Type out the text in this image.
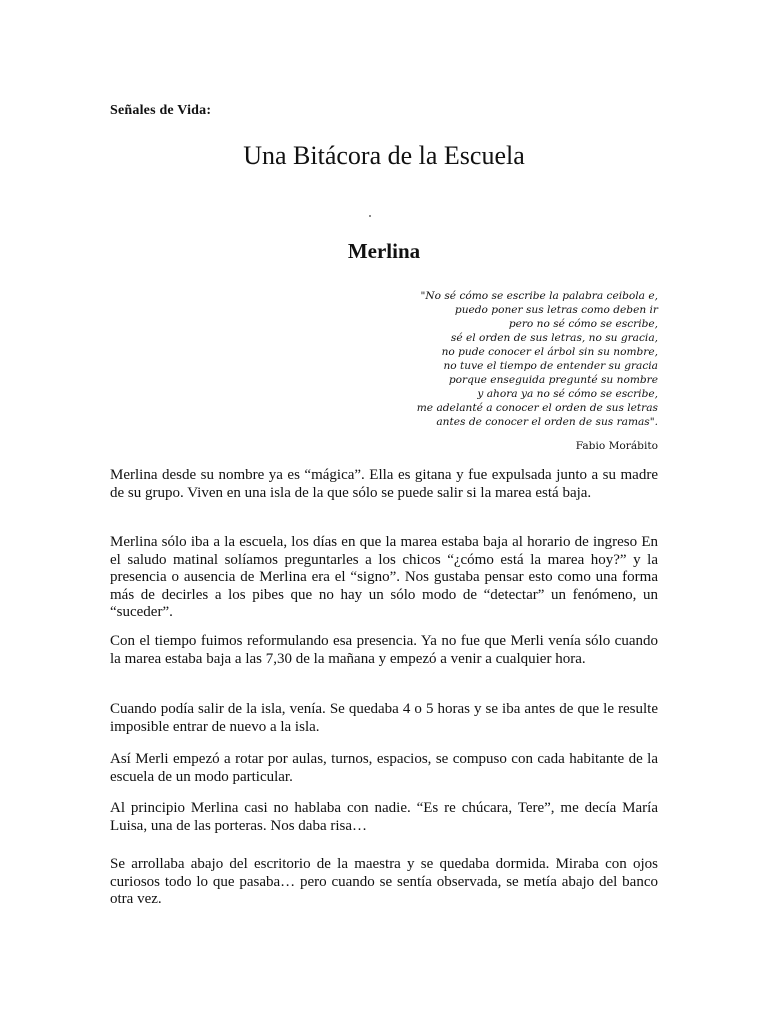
Señales de Vida:
Una Bitácora de la Escuela
Merlina
"No sé cómo se escribe la palabra ceibola e,
puedo poner sus letras como deben ir
pero no sé cómo se escribe,
sé el orden de sus letras, no su gracia,
no pude conocer el árbol sin su nombre,
no tuve el tiempo de entender su gracia
porque enseguida pregunté su nombre
y ahora ya no sé cómo se escribe,
me adelanté a conocer el orden de sus letras
antes de conocer el orden de sus ramas".
Fabio Morábito

Merlina desde su nombre ya es “mágica”. Ella es gitana y fue expulsada junto a su madre de su grupo. Viven en una isla de la que sólo se puede salir si la marea está baja.

Merlina sólo iba a la escuela, los días en que la marea estaba baja al horario de ingreso En el saludo matinal solíamos preguntarles a los chicos “¿cómo está la marea hoy?” y la presencia o ausencia de Merlina era el “signo”. Nos gustaba pensar esto como una forma más de decirles a los pibes que no hay un sólo modo de “detectar” un fenómeno, un “suceder”.

Con el tiempo fuimos reformulando esa presencia. Ya no fue que Merli venía sólo cuando la marea estaba baja a las 7,30 de la mañana y empezó a venir a cualquier hora.

Cuando podía salir de la isla, venía. Se quedaba 4 o 5 horas y se iba antes de que le resulte imposible entrar de nuevo a la isla.

Así Merli empezó a rotar por aulas, turnos, espacios, se compuso con cada habitante de la escuela de un modo particular.

Al principio Merlina casi no hablaba con nadie. “Es re chúcara, Tere”, me decía María Luisa, una de las porteras. Nos daba risa…

Se arrollaba abajo del escritorio de la maestra y se quedaba dormida. Miraba con ojos curiosos todo lo que pasaba… pero cuando se sentía observada, se metía abajo del banco otra vez.
